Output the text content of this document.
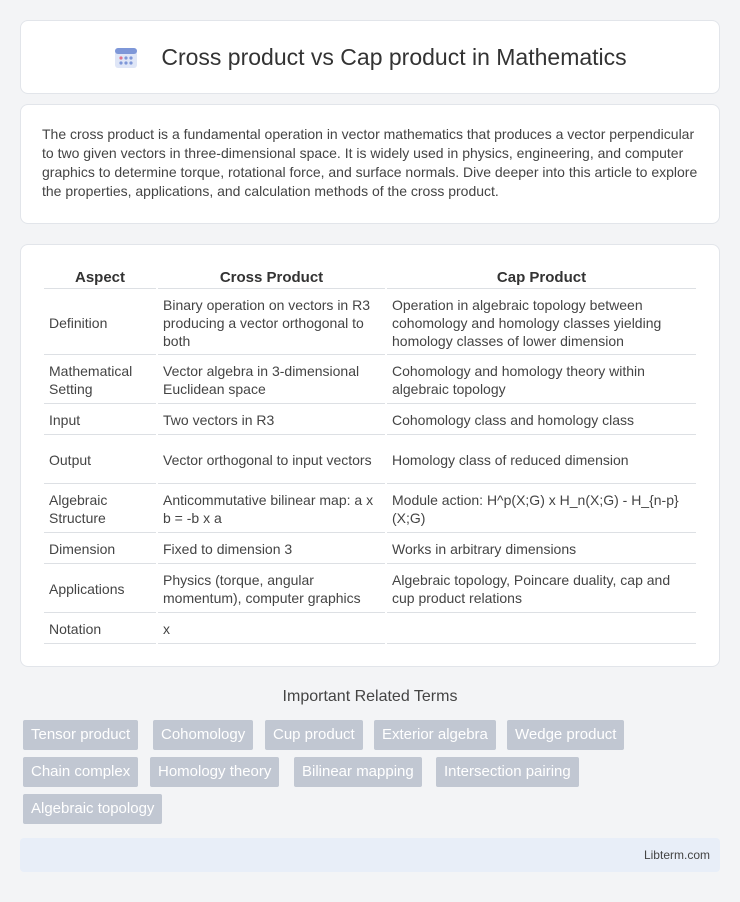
Cross product vs Cap product in Mathematics

The cross product is a fundamental operation in vector mathematics that produces a vector perpendicular to two given vectors in three-dimensional space. It is widely used in physics, engineering, and computer graphics to determine torque, rotational force, and surface normals. Dive deeper into this article to explore the properties, applications, and calculation methods of the cross product.

Aspect	Cross Product	Cap Product
Definition	Binary operation on vectors in R3 producing a vector orthogonal to both	Operation in algebraic topology between cohomology and homology classes yielding homology classes of lower dimension
Mathematical Setting	Vector algebra in 3-dimensional Euclidean space	Cohomology and homology theory within algebraic topology
Input	Two vectors in R3	Cohomology class and homology class
Output	Vector orthogonal to input vectors	Homology class of reduced dimension
Algebraic Structure	Anticommutative bilinear map: a x b = -b x a	Module action: H^p(X;G) x H_n(X;G) - H_{n-p}(X;G)
Dimension	Fixed to dimension 3	Works in arbitrary dimensions
Applications	Physics (torque, angular momentum), computer graphics	Algebraic topology, Poincare duality, cap and cup product relations
Notation	x	
Important Related Terms
Tensor product	Cohomology	Cup product	Exterior algebra	Wedge product
Chain complex	Homology theory	Bilinear mapping	Intersection pairing
Algebraic topology
Libterm.com
